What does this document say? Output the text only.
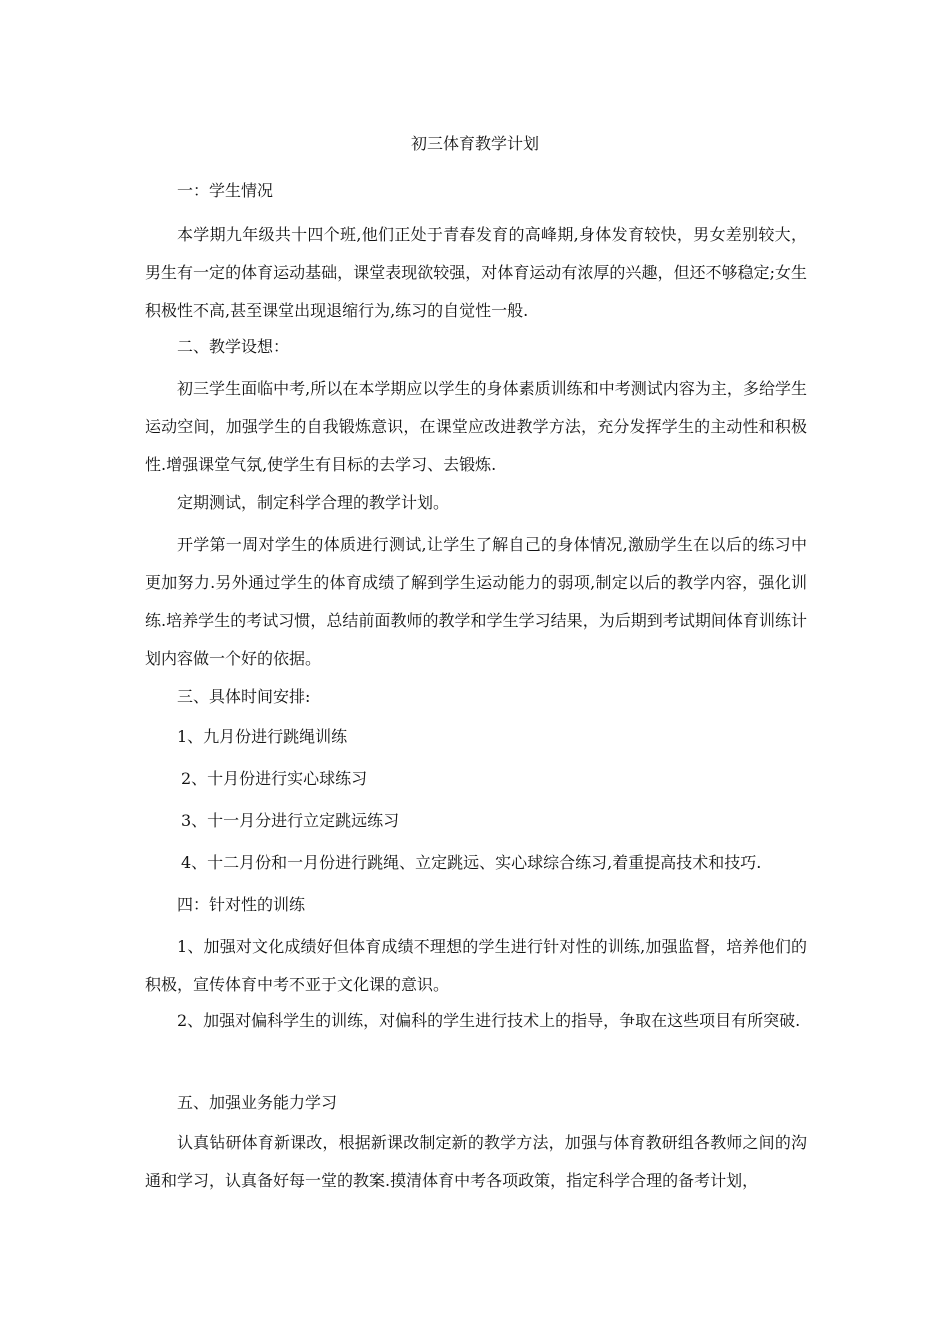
初三体育教学计划

一：学生情况

本学期九年级共十四个班,他们正处于青春发育的高峰期,身体发育较快，男女差别较大，男生有一定的体育运动基础，课堂表现欲较强，对体育运动有浓厚的兴趣，但还不够稳定;女生积极性不高,甚至课堂出现退缩行为,练习的自觉性一般.

二、教学设想：

初三学生面临中考,所以在本学期应以学生的身体素质训练和中考测试内容为主，多给学生运动空间，加强学生的自我锻炼意识，在课堂应改进教学方法，充分发挥学生的主动性和积极性.增强课堂气氛,使学生有目标的去学习、去锻炼.

定期测试，制定科学合理的教学计划。

开学第一周对学生的体质进行测试,让学生了解自己的身体情况,激励学生在以后的练习中更加努力.另外通过学生的体育成绩了解到学生运动能力的弱项,制定以后的教学内容，强化训练.培养学生的考试习惯，总结前面教师的教学和学生学习结果，为后期到考试期间体育训练计划内容做一个好的依据。

三、具体时间安排:

1、九月份进行跳绳训练

2、十月份进行实心球练习

3、十一月分进行立定跳远练习

4、十二月份和一月份进行跳绳、立定跳远、实心球综合练习,着重提高技术和技巧.

四：针对性的训练

1、加强对文化成绩好但体育成绩不理想的学生进行针对性的训练,加强监督，培养他们的积极，宣传体育中考不亚于文化课的意识。

2、加强对偏科学生的训练，对偏科的学生进行技术上的指导，争取在这些项目有所突破.

五、加强业务能力学习

认真钻研体育新课改，根据新课改制定新的教学方法，加强与体育教研组各教师之间的沟通和学习，认真备好每一堂的教案.摸清体育中考各项政策，指定科学合理的备考计划，
